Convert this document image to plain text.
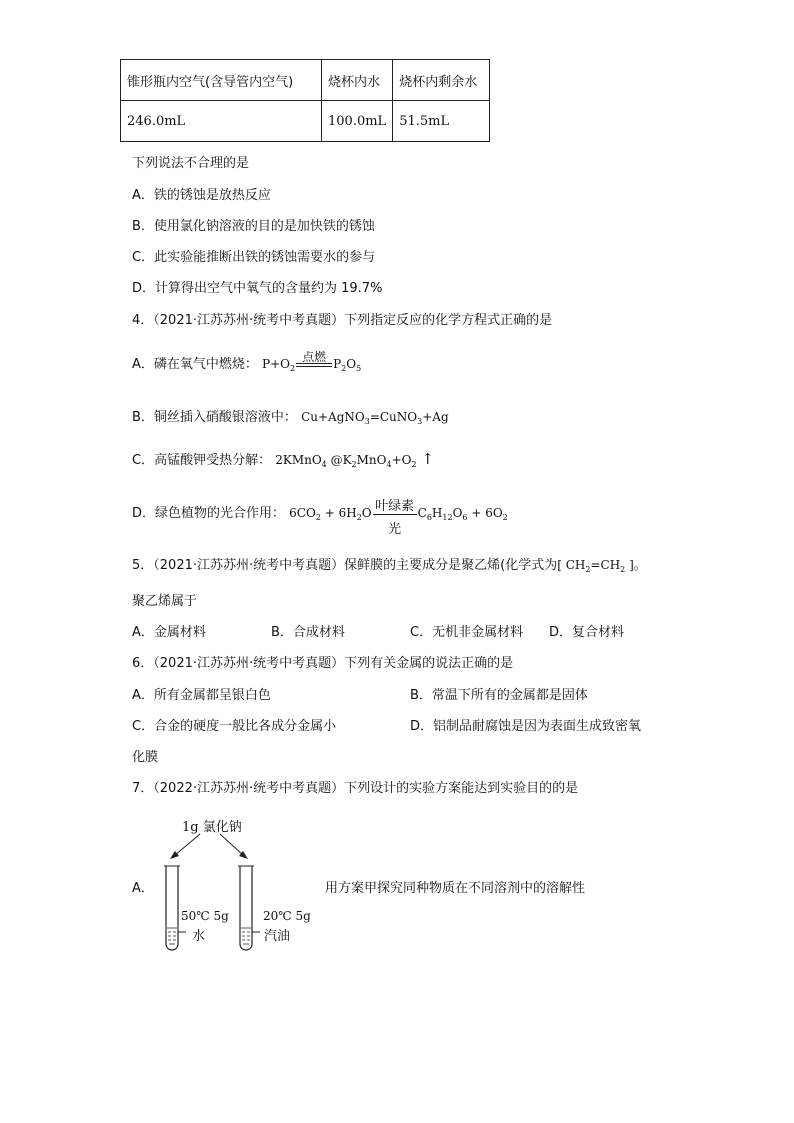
锥形瓶内空气(含导管内空气)	烧杯内水	烧杯内剩余水
246.0mL	100.0mL	51.5mL
下列说法不合理的是
A．铁的锈蚀是放热反应
B．使用氯化钠溶液的目的是加快铁的锈蚀
C．此实验能推断出铁的锈蚀需要水的参与
D．计算得出空气中氧气的含量约为 19.7%
4．（2021·江苏苏州·统考中考真题）下列指定反应的化学方程式正确的是
A．磷在氧气中燃烧： $P+O_2$
点燃 $P_2O_5$
B．铜丝插入硝酸银溶液中： Cu+AgNO$_3$=CuNO$_3$+Ag
C．高锰酸钾受热分解： 2KMnO$_4$ $@K_2MnO_4+O_2$ ↑
D．绿色植物的光合作用： $6CO_2 + 6H_2O$ 叶绿素
光
$C_6H_{12}O_6 + 6O_2$
5．（2021·江苏苏州·统考中考真题）保鲜膜的主要成分是聚乙烯(化学式为[ $CH_2=CH_2$ ]。
聚乙烯属于
A．金属材料	B．合成材料	C．无机非金属材料 D．复合材料
6．（2021·江苏苏州·统考中考真题）下列有关金属的说法正确的是
A．所有金属都呈银白色	B．常温下所有的金属都是固体
C．合金的硬度一般比各成分金属小	D．铝制品耐腐蚀是因为表面生成致密氧
化膜
7．（2022·江苏苏州·统考中考真题）下列设计的实验方案能达到实验目的的是
A．
1g 氯化钠
50℃ 5g
水
20℃ 5g
汽油
用方案甲探究同种物质在不同溶剂中的溶解性
